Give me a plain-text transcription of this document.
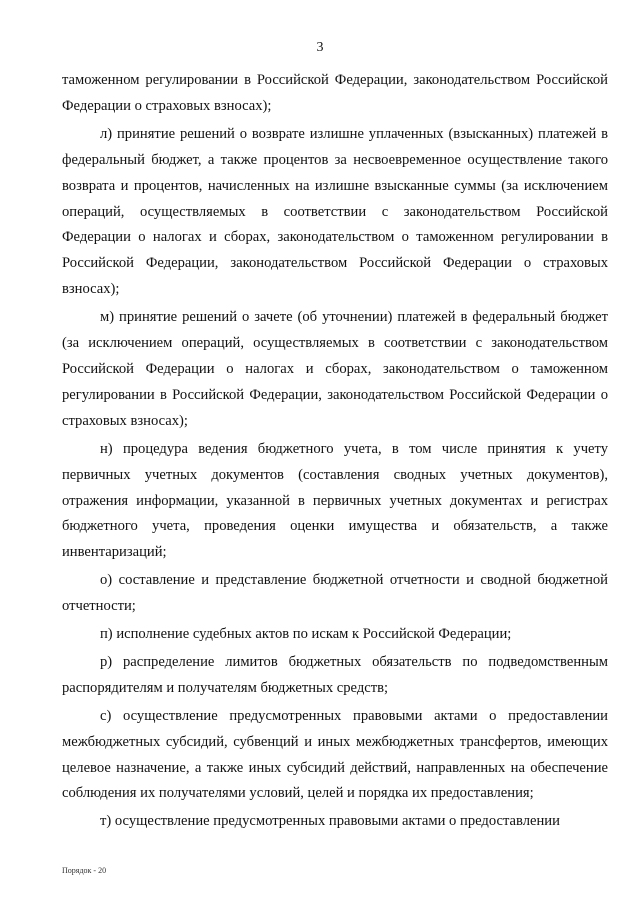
3

таможенном регулировании в Российской Федерации, законодательством Российской Федерации о страховых взносах);

л) принятие решений о возврате излишне уплаченных (взысканных) платежей в федеральный бюджет, а также процентов за несвоевременное осуществление такого возврата и процентов, начисленных на излишне взысканные суммы (за исключением операций, осуществляемых в соответствии с законодательством Российской Федерации о налогах и сборах, законодательством о таможенном регулировании в Российской Федерации, законодательством Российской Федерации о страховых взносах);

м) принятие решений о зачете (об уточнении) платежей в федеральный бюджет (за исключением операций, осуществляемых в соответствии с законодательством Российской Федерации о налогах и сборах, законодательством о таможенном регулировании в Российской Федерации, законодательством Российской Федерации о страховых взносах);

н) процедура ведения бюджетного учета, в том числе принятия к учету первичных учетных документов (составления сводных учетных документов), отражения информации, указанной в первичных учетных документах и регистрах бюджетного учета, проведения оценки имущества и обязательств, а также инвентаризаций;

о) составление и представление бюджетной отчетности и сводной бюджетной отчетности;

п) исполнение судебных актов по искам к Российской Федерации;

р) распределение лимитов бюджетных обязательств по подведомственным распорядителям и получателям бюджетных средств;

с) осуществление предусмотренных правовыми актами о предоставлении межбюджетных субсидий, субвенций и иных межбюджетных трансфертов, имеющих целевое назначение, а также иных субсидий действий, направленных на обеспечение соблюдения их получателями условий, целей и порядка их предоставления;

т) осуществление предусмотренных правовыми актами о предоставлении

Порядок - 20
